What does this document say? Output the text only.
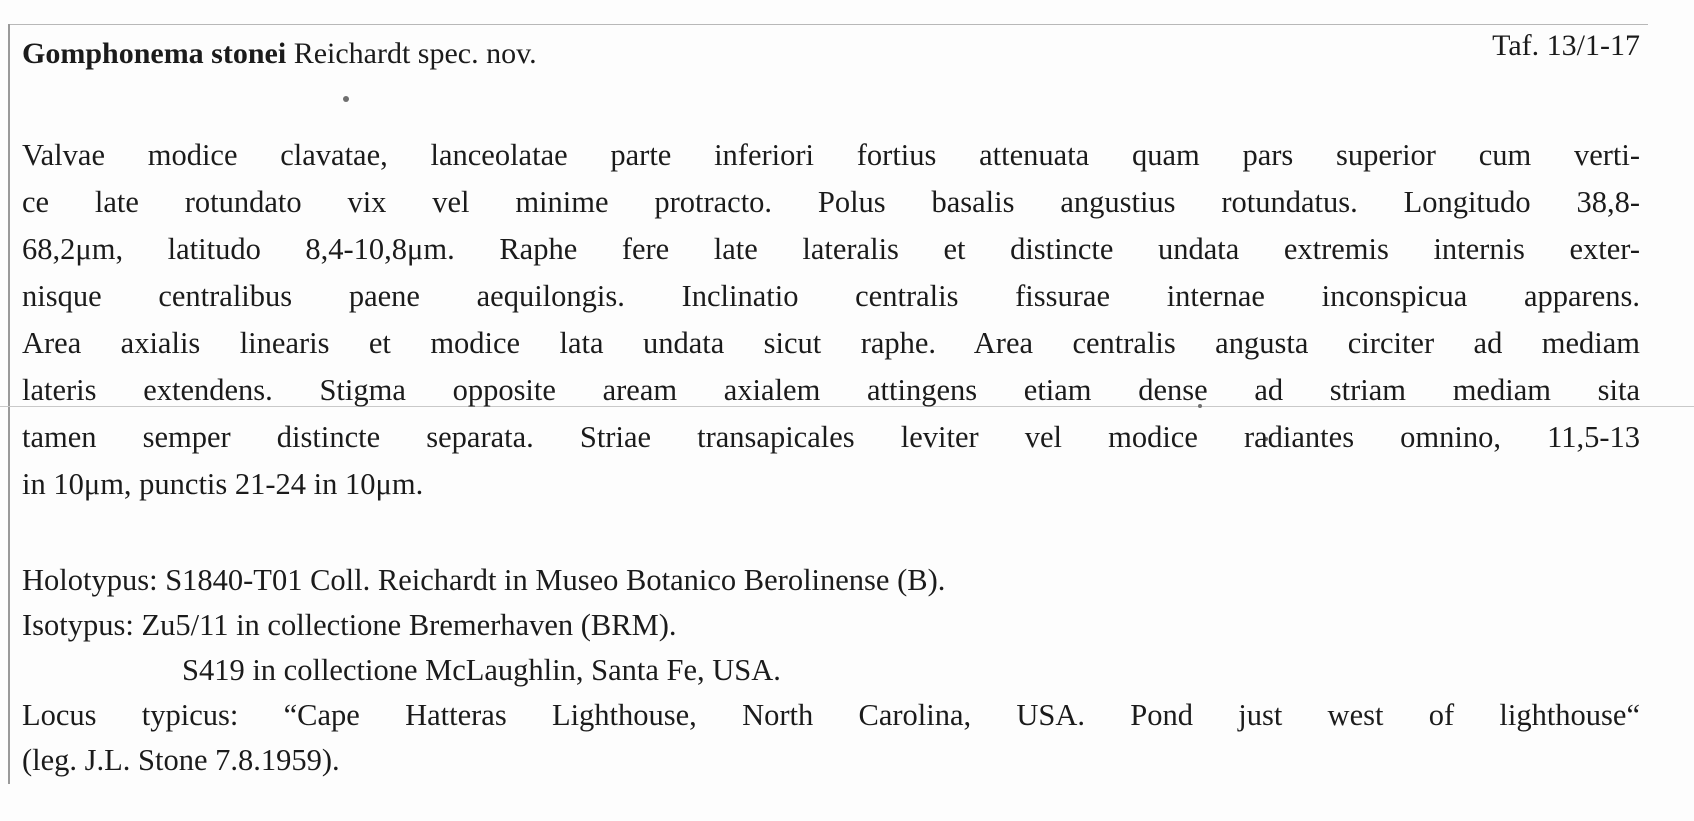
Gomphonema stonei Reichardt spec. nov.	Taf. 13/1-17
Valvae modice clavatae, lanceolatae parte inferiori fortius attenuata quam pars superior cum verti-
ce late rotundato vix vel minime protracto. Polus basalis angustius rotundatus. Longitudo 38,8-
68,2μm, latitudo 8,4-10,8μm. Raphe fere late lateralis et distincte undata extremis internis exter-
nisque centralibus paene aequilongis. Inclinatio centralis fissurae internae inconspicua apparens.
Area axialis linearis et modice lata undata sicut raphe. Area centralis angusta circiter ad mediam
lateris extendens. Stigma opposite aream axialem attingens etiam dense ad striam mediam sita
tamen semper distincte separata. Striae transapicales leviter vel modice radiantes omnino, 11,5-13
in 10μm, punctis 21-24 in 10μm.
Holotypus: S1840-T01 Coll. Reichardt in Museo Botanico Berolinense (B).
Isotypus: Zu5/11 in collectione Bremerhaven (BRM).
S419 in collectione McLaughlin, Santa Fe, USA.
Locus typicus: “Cape Hatteras Lighthouse, North Carolina, USA. Pond just west of lighthouse“
(leg. J.L. Stone 7.8.1959).
